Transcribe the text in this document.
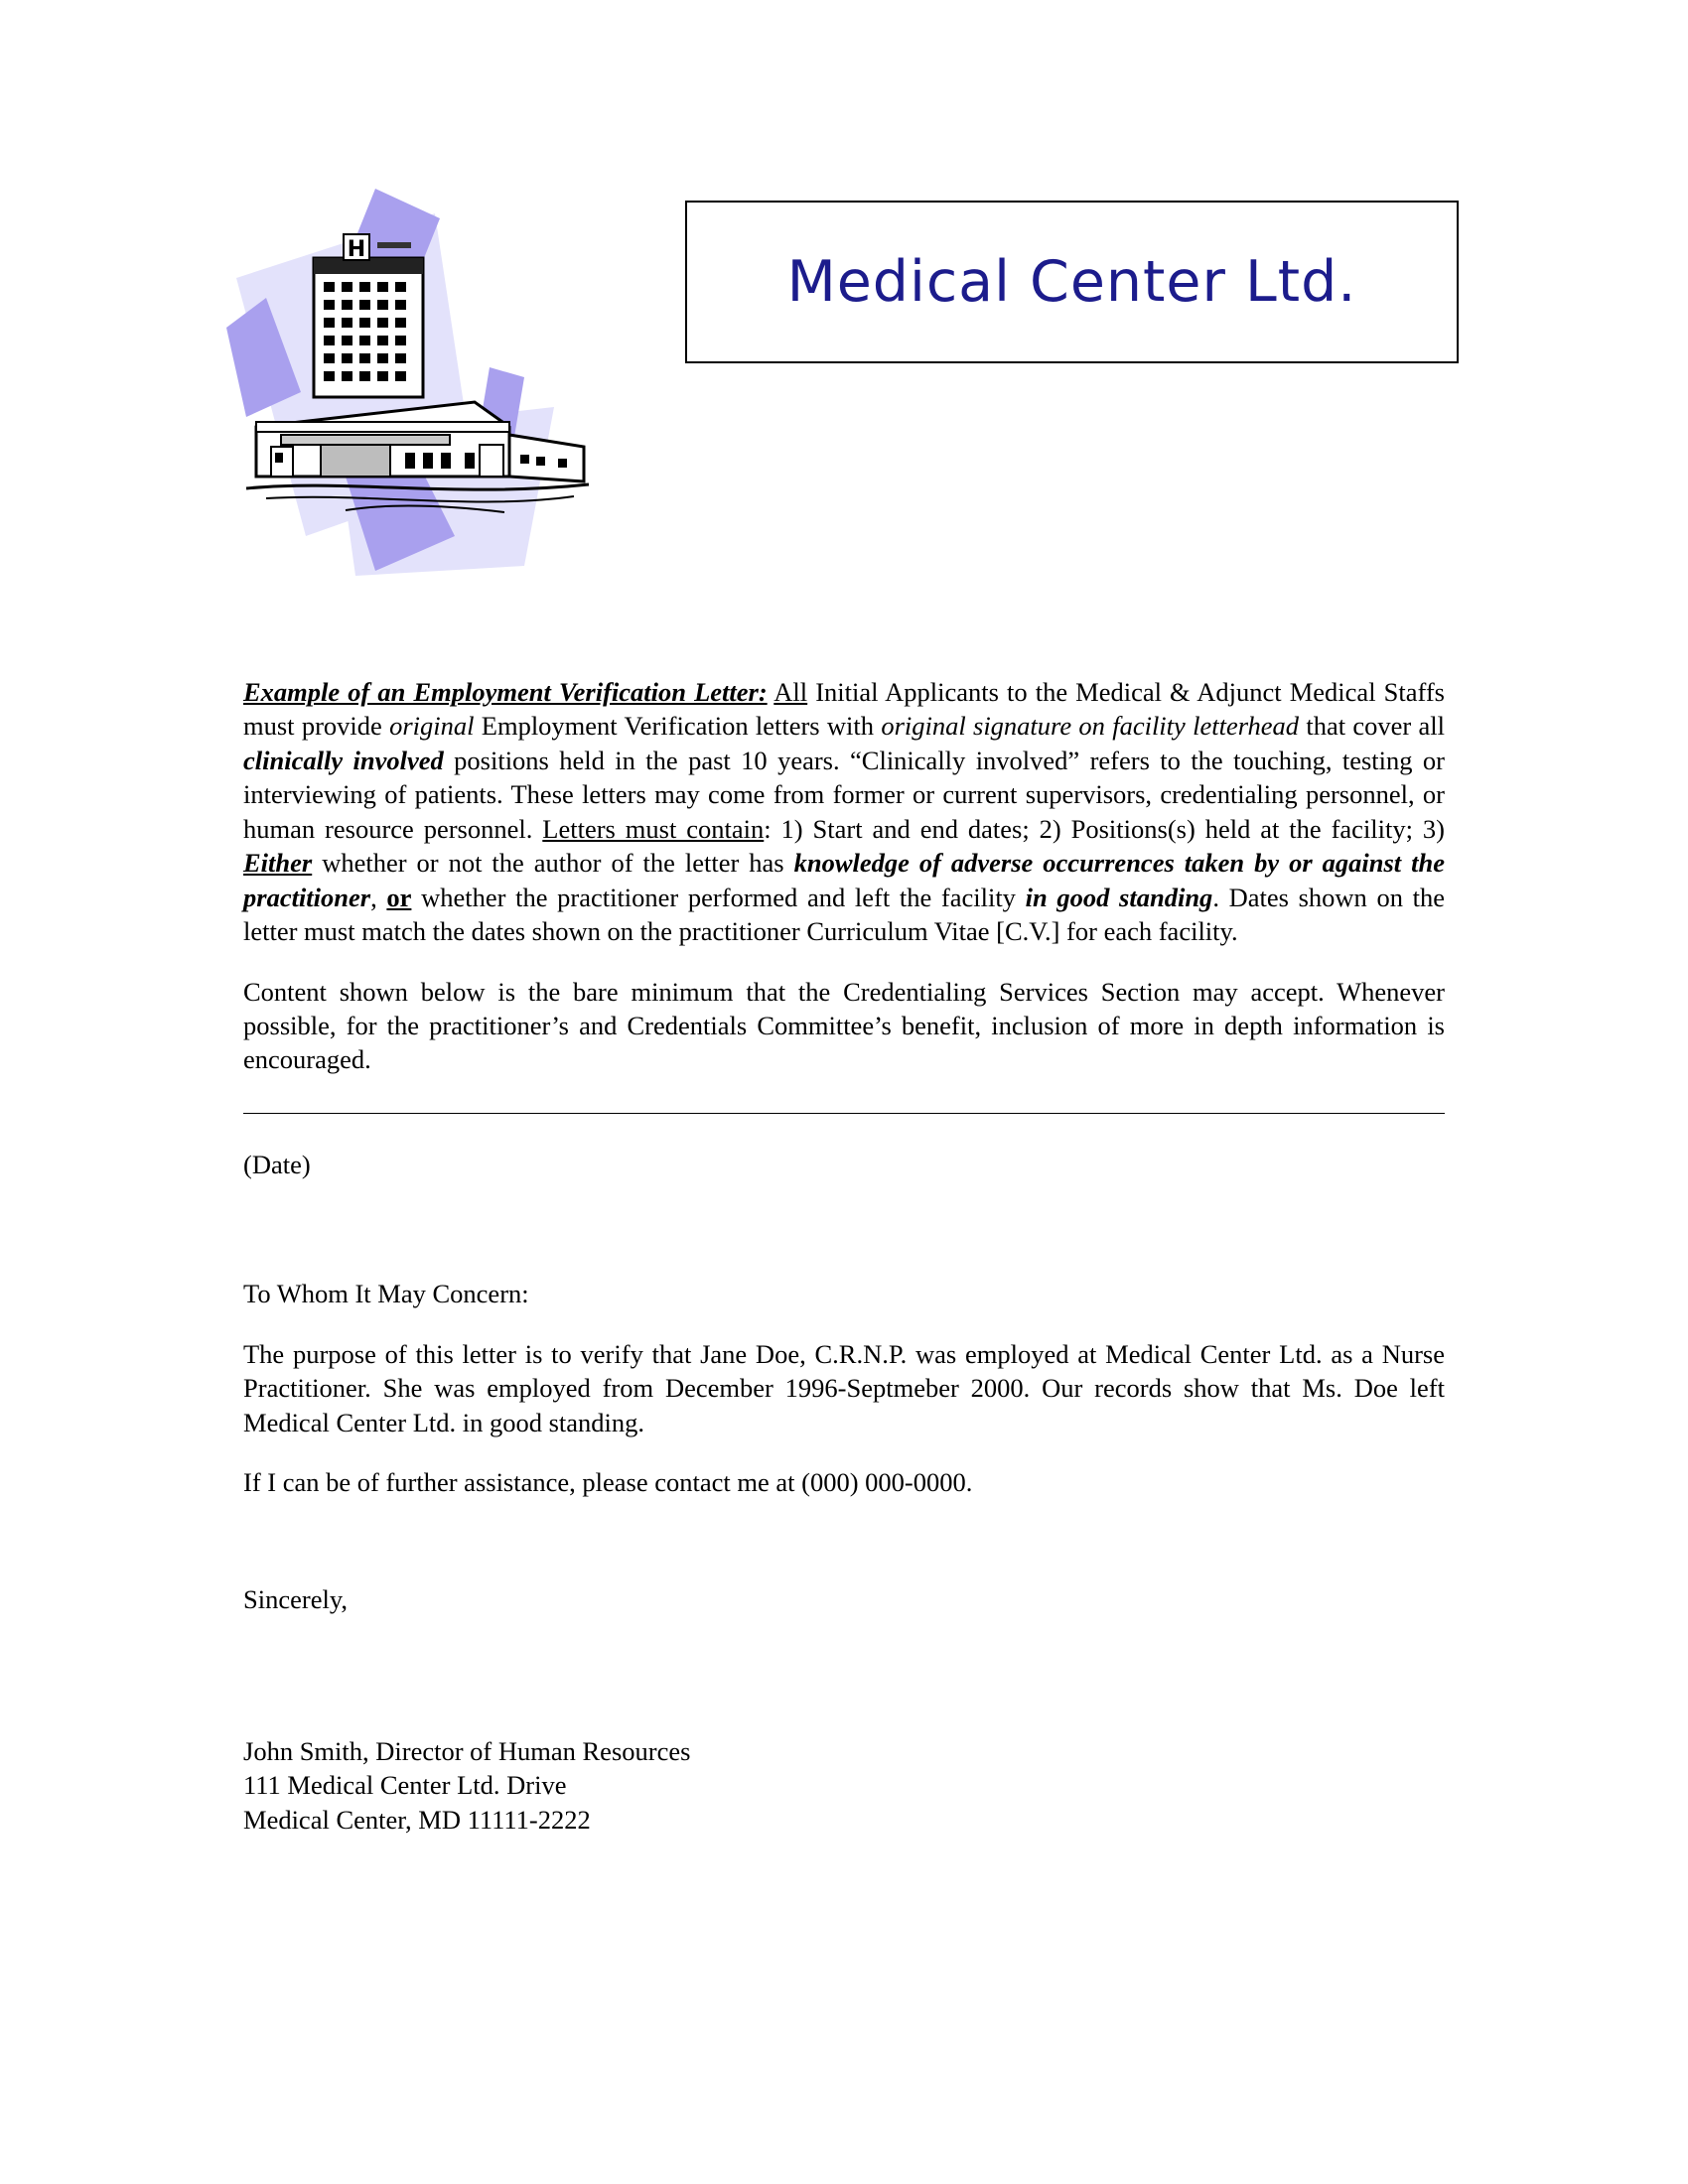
H	Medical Center Ltd.

Example of an Employment Verification Letter: All Initial Applicants to the Medical & Adjunct Medical Staffs must provide original Employment Verification letters with original signature on facility letterhead that cover all clinically involved positions held in the past 10 years. “Clinically involved” refers to the touching, testing or interviewing of patients. These letters may come from former or current supervisors, credentialing personnel, or human resource personnel. Letters must contain: 1) Start and end dates; 2) Positions(s) held at the facility; 3) Either whether or not the author of the letter has knowledge of adverse occurrences taken by or against the practitioner, or whether the practitioner performed and left the facility in good standing. Dates shown on the letter must match the dates shown on the practitioner Curriculum Vitae [C.V.] for each facility.

Content shown below is the bare minimum that the Credentialing Services Section may accept. Whenever possible, for the practitioner’s and Credentials Committee’s benefit, inclusion of more in depth information is encouraged.

(Date)

To Whom It May Concern:

The purpose of this letter is to verify that Jane Doe, C.R.N.P. was employed at Medical Center Ltd. as a Nurse Practitioner. She was employed from December 1996-Septmeber 2000. Our records show that Ms. Doe left Medical Center Ltd. in good standing.

If I can be of further assistance, please contact me at (000) 000-0000.

Sincerely,

John Smith, Director of Human Resources
111 Medical Center Ltd. Drive
Medical Center, MD 11111-2222
